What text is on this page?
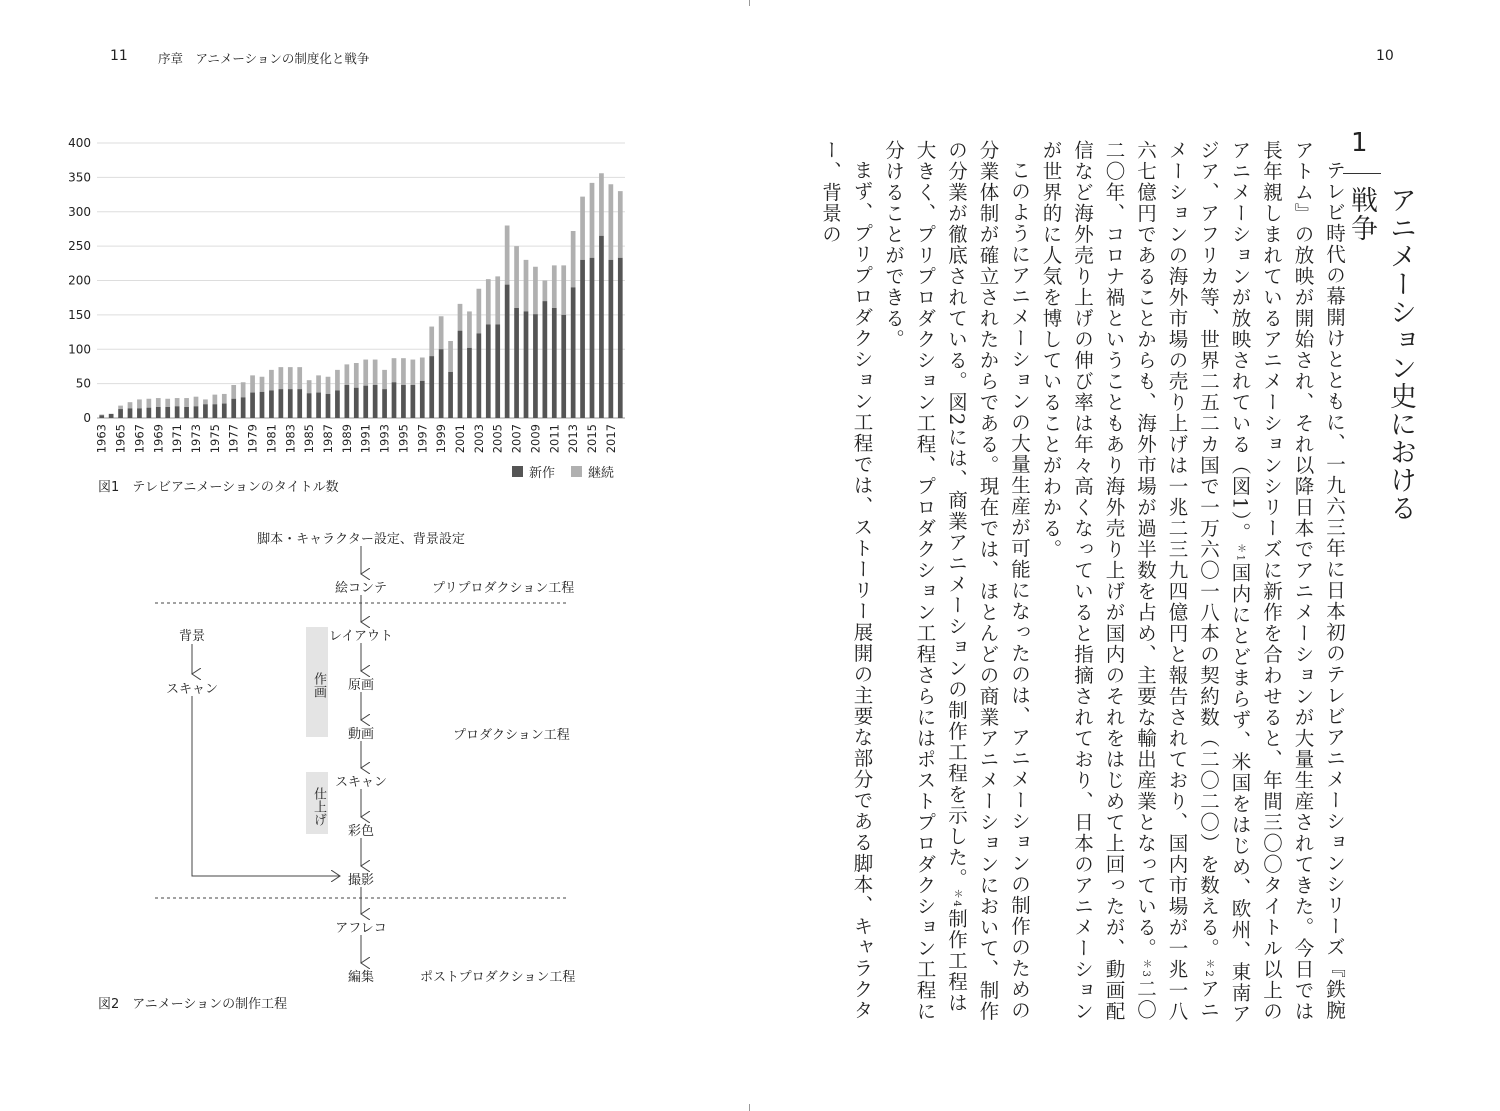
11 序章　アニメーションの制度化と戦争	10
0
50
100
150
200
250
300
350
400
1963 1965 1967 1969 1971 1973 1975 1977 1979 1981 1983 1985 1987 1989 1991 1993 1995 1997 1999 2001 2003 2005 2007 2009 2011 2013 2015 2017
図1　テレビアニメーションのタイトル数
新作	継続
作画
仕上げ
脚本・キャラクター設定、背景設定
絵コンテ
レイアウト
原画
動画
スキャン
彩色
撮影
アフレコ
編集
背景
スキャン
プリプロダクション工程
プロダクション工程
ポストプロダクション工程
図2　アニメーションの制作工程
1
アニメーション史における戦争

テレビ時代の幕開けとともに、一九六三年に日本初のテレビアニメーションシリーズ『鉄腕アトム』の放映が開始され、それ以降日本でアニメーションが大量生産されてきた。今日では長年親しまれているアニメーションシリーズに新作を合わせると、年間三〇〇タイトル以上のアニメーションが放映されている（図1）。＊1国内にとどまらず、米国をはじめ、欧州、東南アジア、アフリカ等、世界二五二カ国で一万六〇一八本の契約数（二〇二〇）を数える。＊2アニメーションの海外市場の売り上げは一兆二三九四億円と報告されており、国内市場が一兆一八六七億円であることからも、海外市場が過半数を占め、主要な輸出産業となっている。＊3二〇二〇年、コロナ禍ということもあり海外売り上げが国内のそれをはじめて上回ったが、動画配信など海外売り上げの伸び率は年々高くなっていると指摘されており、日本のアニメーションが世界的に人気を博していることがわかる。

このようにアニメーションの大量生産が可能になったのは、アニメーションの制作のための分業体制が確立されたからである。現在では、ほとんどの商業アニメーションにおいて、制作の分業が徹底されている。図2には、商業アニメーションの制作工程を示した。＊4制作工程は大きく、プリプロダクション工程、プロダクション工程さらにはポストプロダクション工程に分けることができる。

まず、プリプロダクション工程では、ストーリー展開の主要な部分である脚本、キャラクター、背景の
